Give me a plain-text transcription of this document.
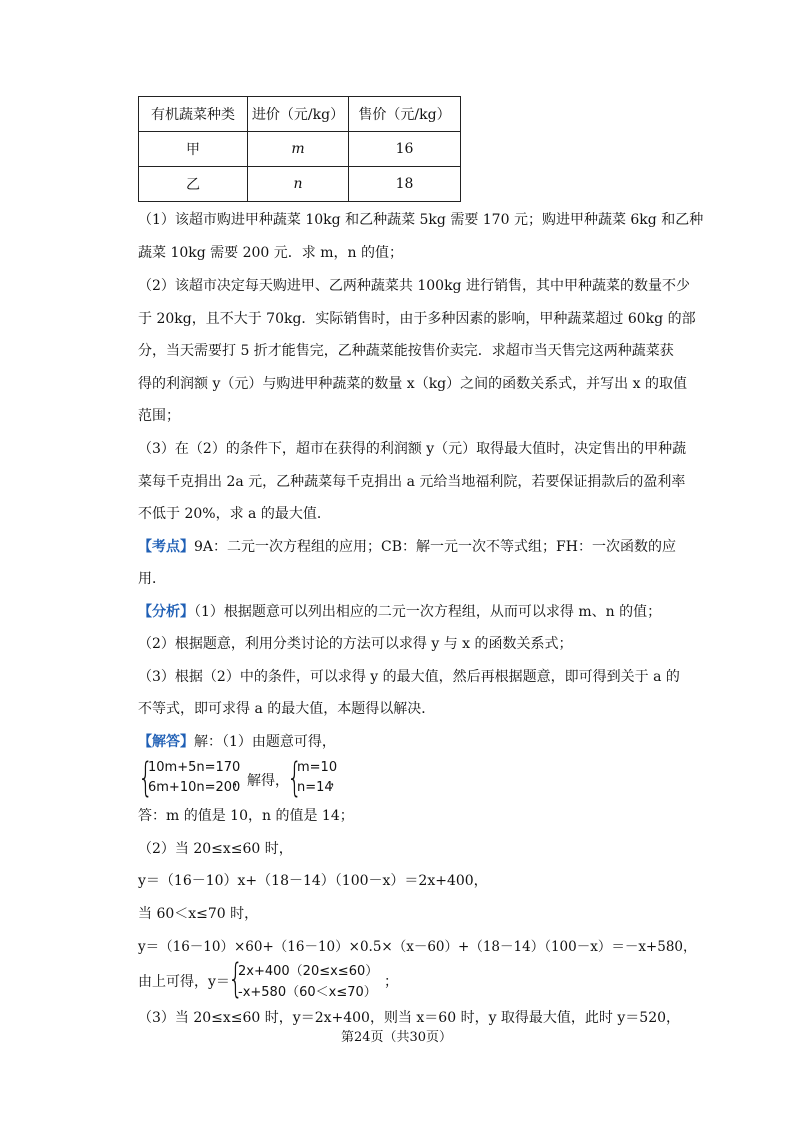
有机蔬菜种类	进价（元/kg）	售价（元/kg）
甲	m	16
乙	n	18
（1）该超市购进甲种蔬菜 10kg 和乙种蔬菜 5kg 需要 170 元；购进甲种蔬菜 6kg 和乙种
蔬菜 10kg 需要 200 元．求 m，n 的值；
（2）该超市决定每天购进甲、乙两种蔬菜共 100kg 进行销售，其中甲种蔬菜的数量不少
于 20kg，且不大于 70kg．实际销售时，由于多种因素的影响，甲种蔬菜超过 60kg 的部
分，当天需要打 5 折才能售完，乙种蔬菜能按售价卖完．求超市当天售完这两种蔬菜获
得的利润额 y（元）与购进甲种蔬菜的数量 x（kg）之间的函数关系式，并写出 x 的取值
范围；
（3）在（2）的条件下，超市在获得的利润额 y（元）取得最大值时，决定售出的甲种蔬
菜每千克捐出 2a 元，乙种蔬菜每千克捐出 a 元给当地福利院，若要保证捐款后的盈利率
不低于 20%，求 a 的最大值．
【考点】9A：二元一次方程组的应用；CB：解一元一次不等式组；FH：一次函数的应
用．
【分析】（1）根据题意可以列出相应的二元一次方程组，从而可以求得 m、n 的值；
（2）根据题意，利用分类讨论的方法可以求得 y 与 x 的函数关系式；
（3）根据（2）中的条件，可以求得 y 的最大值，然后再根据题意，即可得到关于 a 的
不等式，即可求得 a 的最大值，本题得以解决．
【解答】解：（1）由题意可得，
{
10m+5n=170
6m+10n=200
，解得，
{
m=10
n=14
，
答：m 的值是 10，n 的值是 14；
（2）当 20≤x≤60 时，
y＝（16－10）x+（18－14）（100－x）＝2x+400，
当 60＜x≤70 时，
y＝（16－10）×60+（16－10）×0.5×（x－60）+（18－14）（100－x）＝－x+580，
由上可得，y＝
{
2x+400（20≤x≤60）
-x+580（60＜x≤70）
；
（3）当 20≤x≤60 时，y＝2x+400，则当 x＝60 时，y 取得最大值，此时 y＝520，
第24页（共30页）
